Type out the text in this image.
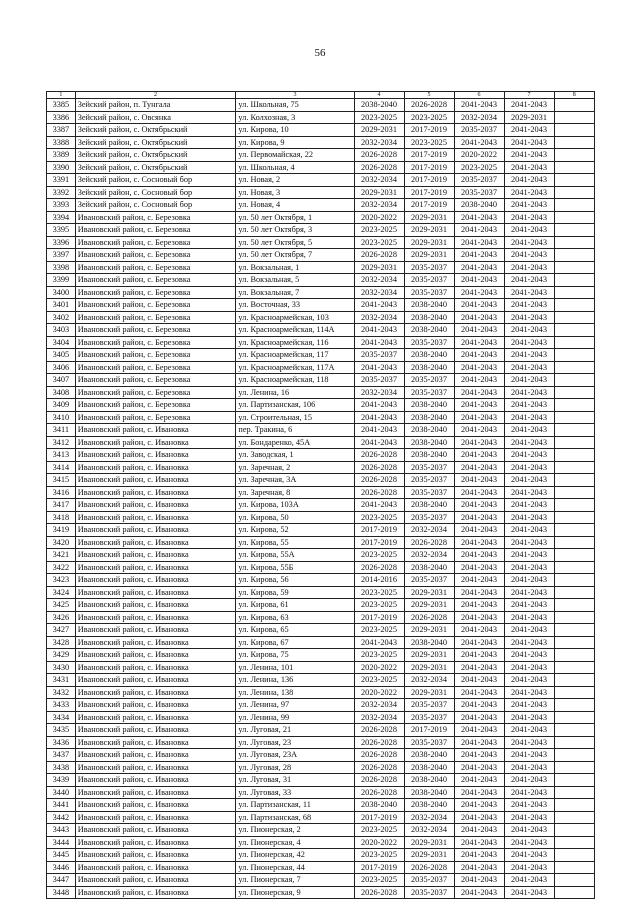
56
1	2	3	4	5	6	7	8
3385	Зейский район, п. Тунгала	ул. Школьная, 75	2038-2040	2026-2028	2041-2043	2041-2043	
3386	Зейский район, с. Овсянка	ул. Колхозная, 3	2023-2025	2023-2025	2032-2034	2029-2031	
3387	Зейский район, с. Октябрьский	ул. Кирова, 10	2029-2031	2017-2019	2035-2037	2041-2043	
3388	Зейский район, с. Октябрьский	ул. Кирова, 9	2032-2034	2023-2025	2041-2043	2041-2043	
3389	Зейский район, с. Октябрьский	ул. Первомайская, 22	2026-2028	2017-2019	2020-2022	2041-2043	
3390	Зейский район, с. Октябрьский	ул. Школьная, 4	2026-2028	2017-2019	2023-2025	2041-2043	
3391	Зейский район, с. Сосновый бор	ул. Новая, 2	2032-2034	2017-2019	2035-2037	2041-2043	
3392	Зейский район, с. Сосновый бор	ул. Новая, 3	2029-2031	2017-2019	2035-2037	2041-2043	
3393	Зейский район, с. Сосновый бор	ул. Новая, 4	2032-2034	2017-2019	2038-2040	2041-2043	
3394	Ивановский район, с. Березовка	ул. 50 лет Октября, 1	2020-2022	2029-2031	2041-2043	2041-2043	
3395	Ивановский район, с. Березовка	ул. 50 лет Октября, 3	2023-2025	2029-2031	2041-2043	2041-2043	
3396	Ивановский район, с. Березовка	ул. 50 лет Октября, 5	2023-2025	2029-2031	2041-2043	2041-2043	
3397	Ивановский район, с. Березовка	ул. 50 лет Октября, 7	2026-2028	2029-2031	2041-2043	2041-2043	
3398	Ивановский район, с. Березовка	ул. Вокзальная, 1	2029-2031	2035-2037	2041-2043	2041-2043	
3399	Ивановский район, с. Березовка	ул. Вокзальная, 5	2032-2034	2035-2037	2041-2043	2041-2043	
3400	Ивановский район, с. Березовка	ул. Вокзальная, 7	2032-2034	2035-2037	2041-2043	2041-2043	
3401	Ивановский район, с. Березовка	ул. Восточная, 33	2041-2043	2038-2040	2041-2043	2041-2043	
3402	Ивановский район, с. Березовка	ул. Красноармейская, 103	2032-2034	2038-2040	2041-2043	2041-2043	
3403	Ивановский район, с. Березовка	ул. Красноармейская, 114А	2041-2043	2038-2040	2041-2043	2041-2043	
3404	Ивановский район, с. Березовка	ул. Красноармейская, 116	2041-2043	2035-2037	2041-2043	2041-2043	
3405	Ивановский район, с. Березовка	ул. Красноармейская, 117	2035-2037	2038-2040	2041-2043	2041-2043	
3406	Ивановский район, с. Березовка	ул. Красноармейская, 117А	2041-2043	2038-2040	2041-2043	2041-2043	
3407	Ивановский район, с. Березовка	ул. Красноармейская, 118	2035-2037	2035-2037	2041-2043	2041-2043	
3408	Ивановский район, с. Березовка	ул. Ленина, 16	2032-2034	2035-2037	2041-2043	2041-2043	
3409	Ивановский район, с. Березовка	ул. Партизанская, 106	2041-2043	2038-2040	2041-2043	2041-2043	
3410	Ивановский район, с. Березовка	ул. Строительная, 15	2041-2043	2038-2040	2041-2043	2041-2043	
3411	Ивановский район, с. Ивановка	пер. Тракина, 6	2041-2043	2038-2040	2041-2043	2041-2043	
3412	Ивановский район, с. Ивановка	ул. Бондаренко, 45А	2041-2043	2038-2040	2041-2043	2041-2043	
3413	Ивановский район, с. Ивановка	ул. Заводская, 1	2026-2028	2038-2040	2041-2043	2041-2043	
3414	Ивановский район, с. Ивановка	ул. Заречная, 2	2026-2028	2035-2037	2041-2043	2041-2043	
3415	Ивановский район, с. Ивановка	ул. Заречная, 3А	2026-2028	2035-2037	2041-2043	2041-2043	
3416	Ивановский район, с. Ивановка	ул. Заречная, 8	2026-2028	2035-2037	2041-2043	2041-2043	
3417	Ивановский район, с. Ивановка	ул. Кирова, 103А	2041-2043	2038-2040	2041-2043	2041-2043	
3418	Ивановский район, с. Ивановка	ул. Кирова, 50	2023-2025	2035-2037	2041-2043	2041-2043	
3419	Ивановский район, с. Ивановка	ул. Кирова, 52	2017-2019	2032-2034	2041-2043	2041-2043	
3420	Ивановский район, с. Ивановка	ул. Кирова, 55	2017-2019	2026-2028	2041-2043	2041-2043	
3421	Ивановский район, с. Ивановка	ул. Кирова, 55А	2023-2025	2032-2034	2041-2043	2041-2043	
3422	Ивановский район, с. Ивановка	ул. Кирова, 55Б	2026-2028	2038-2040	2041-2043	2041-2043	
3423	Ивановский район, с. Ивановка	ул. Кирова, 56	2014-2016	2035-2037	2041-2043	2041-2043	
3424	Ивановский район, с. Ивановка	ул. Кирова, 59	2023-2025	2029-2031	2041-2043	2041-2043	
3425	Ивановский район, с. Ивановка	ул. Кирова, 61	2023-2025	2029-2031	2041-2043	2041-2043	
3426	Ивановский район, с. Ивановка	ул. Кирова, 63	2017-2019	2026-2028	2041-2043	2041-2043	
3427	Ивановский район, с. Ивановка	ул. Кирова, 65	2023-2025	2029-2031	2041-2043	2041-2043	
3428	Ивановский район, с. Ивановка	ул. Кирова, 67	2041-2043	2038-2040	2041-2043	2041-2043	
3429	Ивановский район, с. Ивановка	ул. Кирова, 75	2023-2025	2029-2031	2041-2043	2041-2043	
3430	Ивановский район, с. Ивановка	ул. Ленина, 101	2020-2022	2029-2031	2041-2043	2041-2043	
3431	Ивановский район, с. Ивановка	ул. Ленина, 136	2023-2025	2032-2034	2041-2043	2041-2043	
3432	Ивановский район, с. Ивановка	ул. Ленина, 138	2020-2022	2029-2031	2041-2043	2041-2043	
3433	Ивановский район, с. Ивановка	ул. Ленина, 97	2032-2034	2035-2037	2041-2043	2041-2043	
3434	Ивановский район, с. Ивановка	ул. Ленина, 99	2032-2034	2035-2037	2041-2043	2041-2043	
3435	Ивановский район, с. Ивановка	ул. Луговая, 21	2026-2028	2017-2019	2041-2043	2041-2043	
3436	Ивановский район, с. Ивановка	ул. Луговая, 23	2026-2028	2035-2037	2041-2043	2041-2043	
3437	Ивановский район, с. Ивановка	ул. Луговая, 23А	2026-2028	2038-2040	2041-2043	2041-2043	
3438	Ивановский район, с. Ивановка	ул. Луговая, 28	2026-2028	2038-2040	2041-2043	2041-2043	
3439	Ивановский район, с. Ивановка	ул. Луговая, 31	2026-2028	2038-2040	2041-2043	2041-2043	
3440	Ивановский район, с. Ивановка	ул. Луговая, 33	2026-2028	2038-2040	2041-2043	2041-2043	
3441	Ивановский район, с. Ивановка	ул. Партизанская, 11	2038-2040	2038-2040	2041-2043	2041-2043	
3442	Ивановский район, с. Ивановка	ул. Партизанская, 68	2017-2019	2032-2034	2041-2043	2041-2043	
3443	Ивановский район, с. Ивановка	ул. Пионерская, 2	2023-2025	2032-2034	2041-2043	2041-2043	
3444	Ивановский район, с. Ивановка	ул. Пионерская, 4	2020-2022	2029-2031	2041-2043	2041-2043	
3445	Ивановский район, с. Ивановка	ул. Пионерская, 42	2023-2025	2029-2031	2041-2043	2041-2043	
3446	Ивановский район, с. Ивановка	ул. Пионерская, 44	2017-2019	2026-2028	2041-2043	2041-2043	
3447	Ивановский район, с. Ивановка	ул. Пионерская, 7	2023-2025	2035-2037	2041-2043	2041-2043	
3448	Ивановский район, с. Ивановка	ул. Пионерская, 9	2026-2028	2035-2037	2041-2043	2041-2043	
